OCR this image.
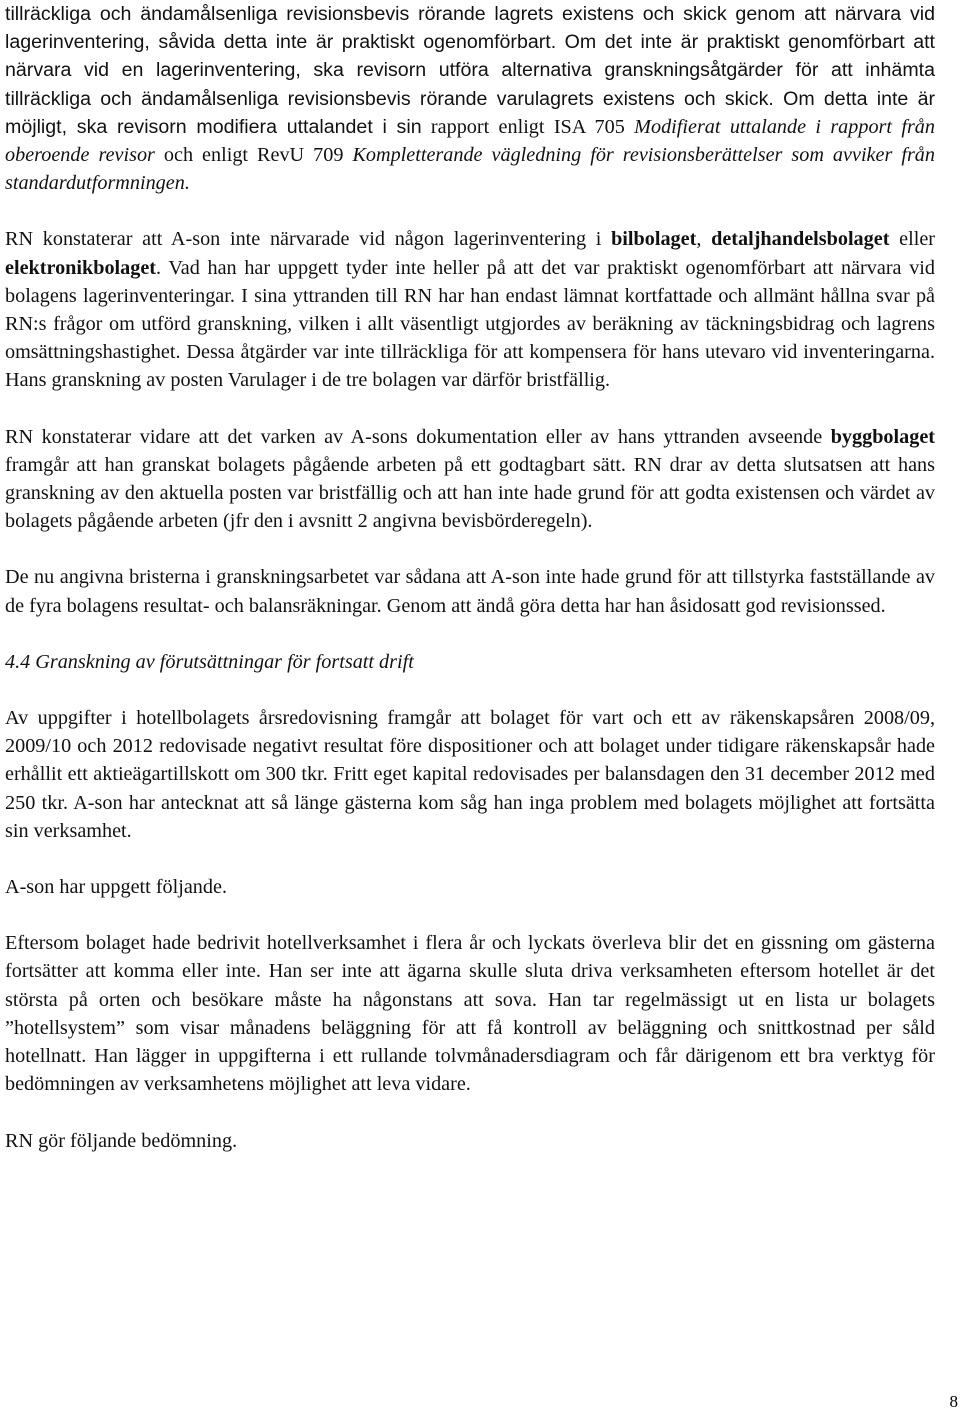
tillräckliga och ändamålsenliga revisionsbevis rörande lagrets existens och skick genom att närvara vid lagerinventering, såvida detta inte är praktiskt ogenomförbart. Om det inte är praktiskt genomförbart att närvara vid en lagerinventering, ska revisorn utföra alternativa granskningsåtgärder för att inhämta tillräckliga och ändamålsenliga revisionsbevis rörande varulagrets existens och skick. Om detta inte är möjligt, ska revisorn modifiera uttalandet i sin rapport enligt ISA 705 Modifierat uttalande i rapport från oberoende revisor och enligt RevU 709 Kompletterande vägledning för revisionsberättelser som avviker från standardutformningen.

RN konstaterar att A-son inte närvarade vid någon lagerinventering i bilbolaget, detaljhandelsbolaget eller elektronikbolaget. Vad han har uppgett tyder inte heller på att det var praktiskt ogenomförbart att närvara vid bolagens lagerinventeringar. I sina yttranden till RN har han endast lämnat kortfattade och allmänt hållna svar på RN:s frågor om utförd granskning, vilken i allt väsentligt utgjordes av beräkning av täckningsbidrag och lagrens omsättningshastighet. Dessa åtgärder var inte tillräckliga för att kompensera för hans utevaro vid inventeringarna. Hans granskning av posten Varulager i de tre bolagen var därför bristfällig.

RN konstaterar vidare att det varken av A-sons dokumentation eller av hans yttranden avseende byggbolaget framgår att han granskat bolagets pågående arbeten på ett godtagbart sätt. RN drar av detta slutsatsen att hans granskning av den aktuella posten var bristfällig och att han inte hade grund för att godta existensen och värdet av bolagets pågående arbeten (jfr den i avsnitt 2 angivna bevisbörderegeln).

De nu angivna bristerna i granskningsarbetet var sådana att A-son inte hade grund för att tillstyrka fastställande av de fyra bolagens resultat- och balansräkningar. Genom att ändå göra detta har han åsidosatt god revisionssed.

4.4 Granskning av förutsättningar för fortsatt drift

Av uppgifter i hotellbolagets årsredovisning framgår att bolaget för vart och ett av räkenskapsåren 2008/09, 2009/10 och 2012 redovisade negativt resultat före dispositioner och att bolaget under tidigare räkenskapsår hade erhållit ett aktieägartillskott om 300 tkr. Fritt eget kapital redovisades per balansdagen den 31 december 2012 med 250 tkr. A-son har antecknat att så länge gästerna kom såg han inga problem med bolagets möjlighet att fortsätta sin verksamhet.

A-son har uppgett följande.

Eftersom bolaget hade bedrivit hotellverksamhet i flera år och lyckats överleva blir det en gissning om gästerna fortsätter att komma eller inte. Han ser inte att ägarna skulle sluta driva verksamheten eftersom hotellet är det största på orten och besökare måste ha någonstans att sova. Han tar regelmässigt ut en lista ur bolagets ”hotellsystem” som visar månadens beläggning för att få kontroll av beläggning och snittkostnad per såld hotellnatt. Han lägger in uppgifterna i ett rullande tolvmånadersdiagram och får därigenom ett bra verktyg för bedömningen av verksamhetens möjlighet att leva vidare.

RN gör följande bedömning.

8
